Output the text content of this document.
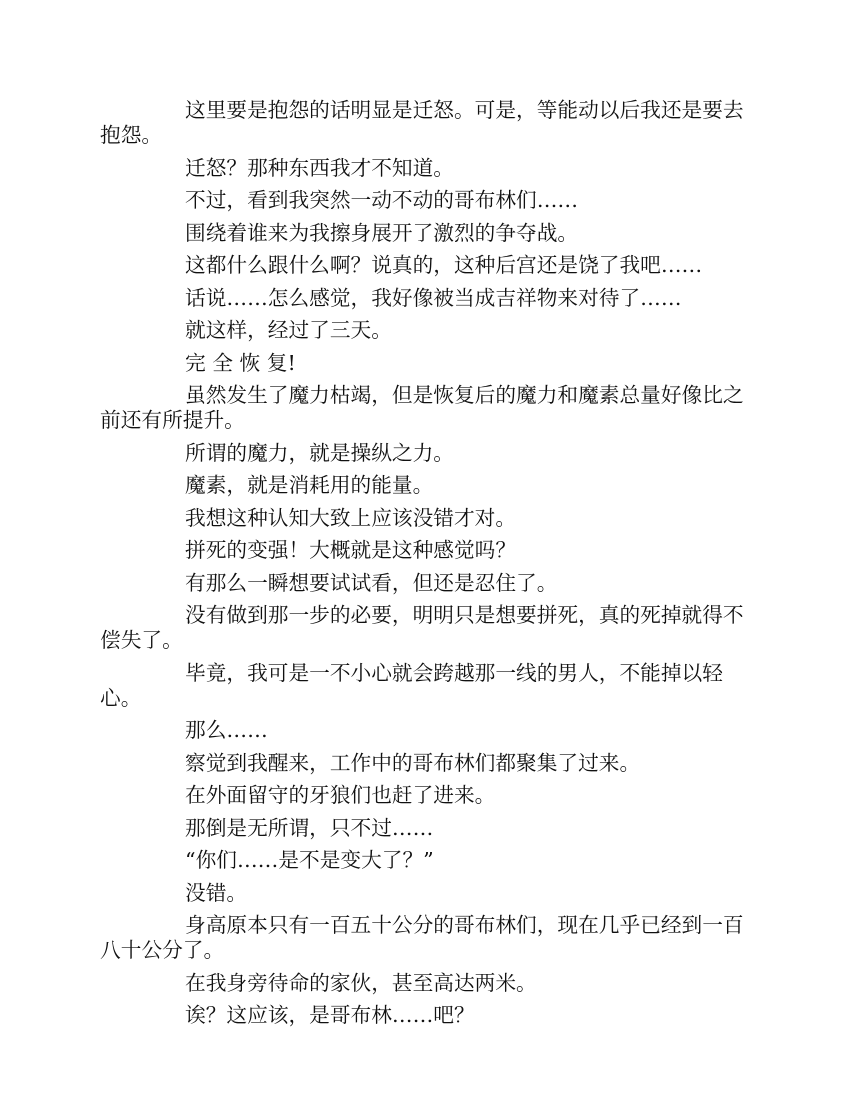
这里要是抱怨的话明显是迁怒。可是，等能动以后我还是要去抱怨。

迁怒？那种东西我才不知道。

不过，看到我突然一动不动的哥布林们……

围绕着谁来为我擦身展开了激烈的争夺战。

这都什么跟什么啊？说真的，这种后宫还是饶了我吧……

话说……怎么感觉，我好像被当成吉祥物来对待了……

就这样，经过了三天。

完 全 恢 复!

虽然发生了魔力枯竭，但是恢复后的魔力和魔素总量好像比之前还有所提升。

所谓的魔力，就是操纵之力。

魔素，就是消耗用的能量。

我想这种认知大致上应该没错才对。

拼死的变强！大概就是这种感觉吗？

有那么一瞬想要试试看，但还是忍住了。

没有做到那一步的必要，明明只是想要拼死，真的死掉就得不偿失了。

毕竟，我可是一不小心就会跨越那一线的男人，不能掉以轻心。

那么……

察觉到我醒来，工作中的哥布林们都聚集了过来。

在外面留守的牙狼们也赶了进来。

那倒是无所谓，只不过……

“你们……是不是变大了？”

没错。

身高原本只有一百五十公分的哥布林们，现在几乎已经到一百八十公分了。

在我身旁待命的家伙，甚至高达两米。

诶？这应该，是哥布林……吧？
